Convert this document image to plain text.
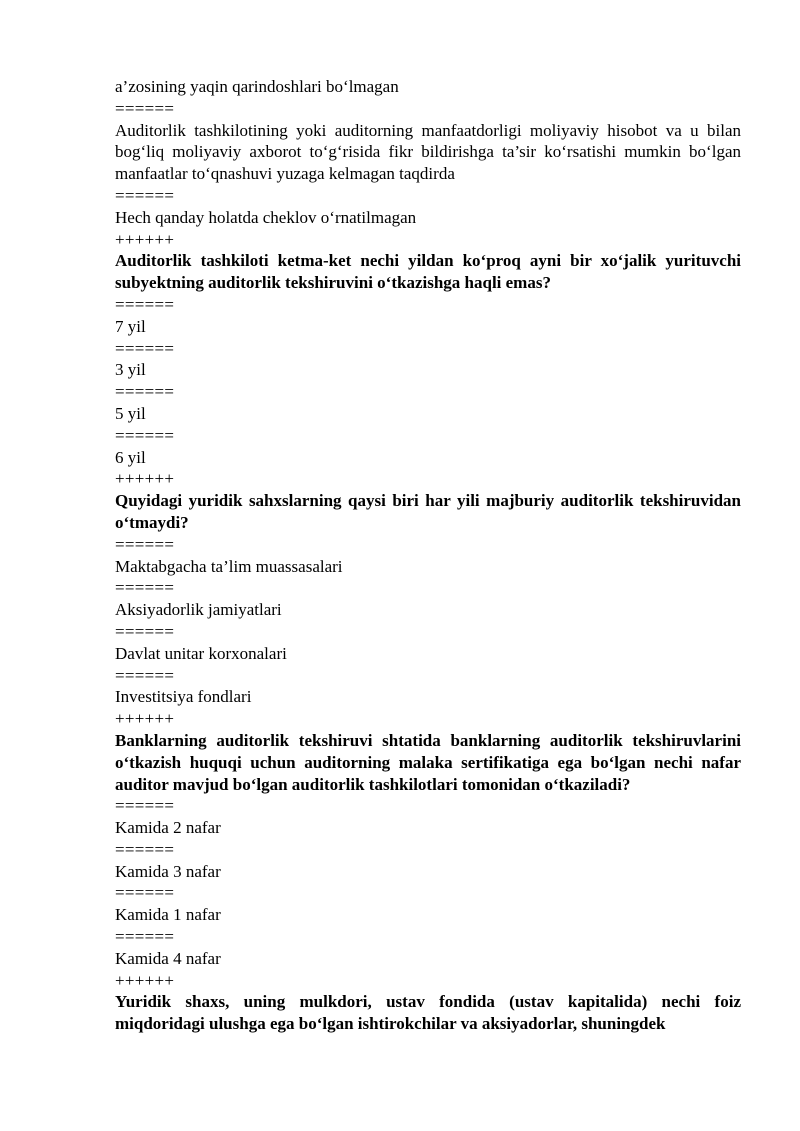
a’zosining yaqin qarindoshlari bo‘lmagan
======
Auditorlik tashkilotining yoki auditorning manfaatdorligi moliyaviy hisobot va u bilan bog‘liq moliyaviy axborot to‘g‘risida fikr bildirishga ta’sir ko‘rsatishi mumkin bo‘lgan manfaatlar to‘qnashuvi yuzaga kelmagan taqdirda
======
Hech qanday holatda cheklov o‘rnatilmagan
++++++
Auditorlik tashkiloti ketma-ket nechi yildan ko‘proq ayni bir xo‘jalik yurituvchi subyektning auditorlik tekshiruvini o‘tkazishga haqli emas?
======
7 yil
======
3 yil
======
5 yil
======
6 yil
++++++
Quyidagi yuridik sahxslarning qaysi biri har yili majburiy auditorlik tekshiruvidan o‘tmaydi?
======
Maktabgacha ta’lim muassasalari
======
Aksiyadorlik jamiyatlari
======
Davlat unitar korxonalari
======
Investitsiya fondlari
++++++
Banklarning auditorlik tekshiruvi shtatida banklarning auditorlik tekshiruvlarini o‘tkazish huquqi uchun auditorning malaka sertifikatiga ega bo‘lgan nechi nafar auditor mavjud bo‘lgan auditorlik tashkilotlari tomonidan o‘tkaziladi?
======
Kamida 2 nafar
======
Kamida 3 nafar
======
Kamida 1 nafar
======
Kamida 4 nafar
++++++
Yuridik shaxs, uning mulkdori, ustav fondida (ustav kapitalida) nechi foiz miqdoridagi ulushga ega bo‘lgan ishtirokchilar va aksiyadorlar, shuningdek
